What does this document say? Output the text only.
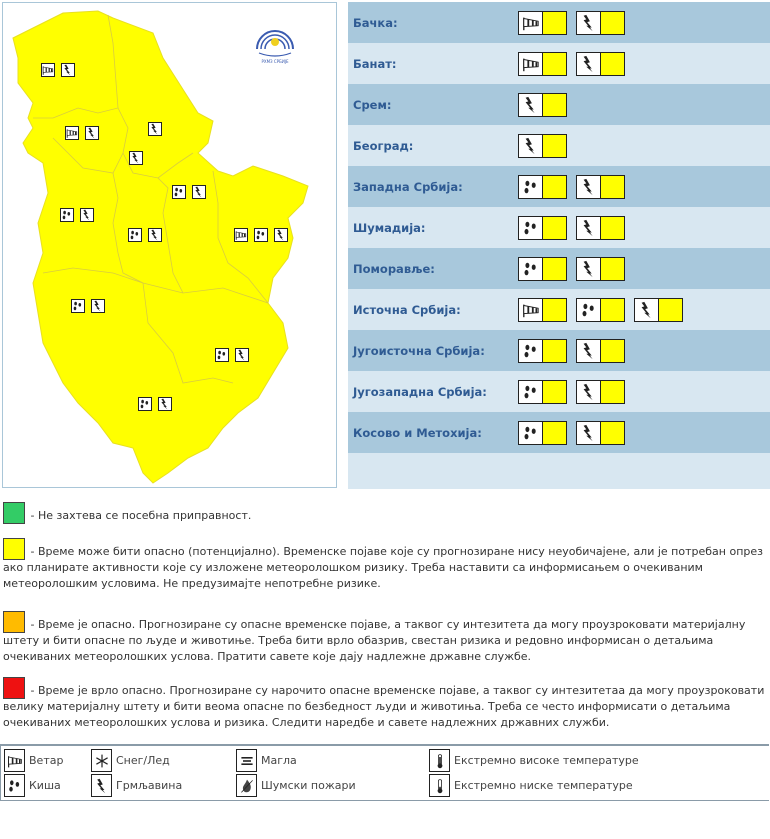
РХМЗ СРБИЈЕ
Бачка:
Банат:
Срем:
Београд:
Западна Србија:
Шумадија:
Поморавље:
Источна Србија:
Југоисточна Србија:
Југозападна Србија:
Косово и Метохија:
- Не захтева се посебна приправност.
- Време може бити опасно (потенцијално). Временске појаве које су прогнозиране нису неуобичајене, али је потребан опрез ако планирате активности које су изложене метеоролошком ризику. Треба наставити са информисањем о очекиваним метеоролошким условима. Не предузимајте непотребне ризике.
- Време је опасно. Прогнозиране су опасне временске појаве, а таквог су интезитета да могу проузроковати материјалну штету и бити опасне по људе и животиње. Треба бити врло обазрив, свестан ризика и редовно информисан о детаљима очекиваних метеоролошких услова. Пратити савете које дају надлежне државне службе.
- Време је врло опасно. Прогнозиране су нарочито опасне временске појаве, а таквог су интезитетаа да могу проузроковати велику материјалну штету и бити веома опасне по безбедност људи и животиња. Треба се често информисати о детаљима очекиваних метеоролошких услова и ризика. Следити наредбе и савете надлежних државних служби.
Ветар
Киша
Снег/Лед
Грмљавина
Магла
Шумски пожари
Екстремно високе температуре
Екстремно ниске температуре
